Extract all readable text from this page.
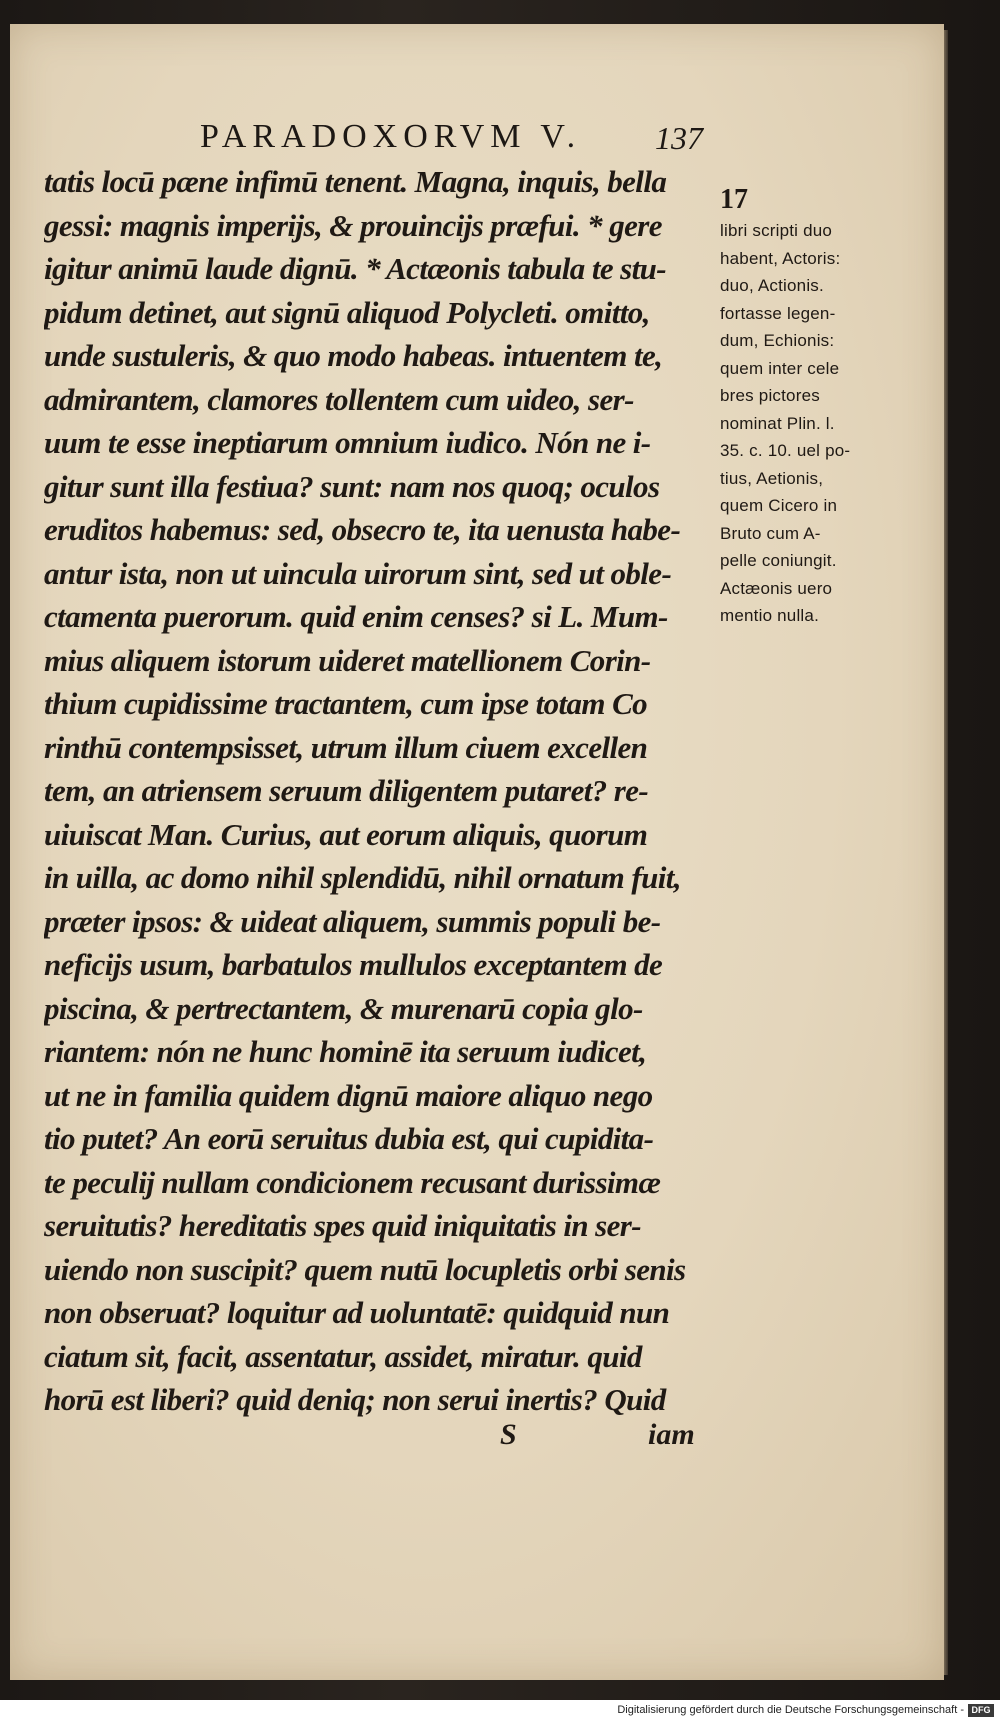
PARADOXORVM V.	137
tatis locū pæne infimū tenent. Magna, inquis, bella
gessi: magnis imperijs, & prouincijs præfui. * gere
igitur animū laude dignū. * Actæonis tabula te stu-
pidum detinet, aut signū aliquod Polycleti. omitto,
unde sustuleris, & quo modo habeas. intuentem te,
admirantem, clamores tollentem cum uideo, ser-
uum te esse ineptiarum omnium iudico. Nón ne i-
gitur sunt illa festiua? sunt: nam nos quoq; oculos
eruditos habemus: sed, obsecro te, ita uenusta habe-
antur ista, non ut uincula uirorum sint, sed ut oble-
ctamenta puerorum. quid enim censes? si L. Mum-
mius aliquem istorum uideret matellionem Corin-
thium cupidissime tractantem, cum ipse totam Co
rinthū contempsisset, utrum illum ciuem excellen
tem, an atriensem seruum diligentem putaret? re-
uiuiscat Man. Curius, aut eorum aliquis, quorum
in uilla, ac domo nihil splendidū, nihil ornatum fuit,
præter ipsos: & uideat aliquem, summis populi be-
neficijs usum, barbatulos mullulos exceptantem de
piscina, & pertrectantem, & murenarū copia glo-
riantem: nón ne hunc hominē ita seruum iudicet,
ut ne in familia quidem dignū maiore aliquo nego
tio putet? An eorū seruitus dubia est, qui cupidita-
te peculij nullam condicionem recusant durissimæ
seruitutis? hereditatis spes quid iniquitatis in ser-
uiendo non suscipit? quem nutū locupletis orbi senis
non obseruat? loquitur ad uoluntatē: quidquid nun
ciatum sit, facit, assentatur, assidet, miratur. quid
horū est liberi? quid deniq; non serui inertis? Quid
17
libri scripti duo
habent, Actoris:
duo, Actionis.
fortasse legen-
dum, Echionis:
quem inter cele
bres pictores
nominat Plin. l.
35. c. 10. uel po-
tius, Aetionis,
quem Cicero in
Bruto cum A-
pelle coniungit.
Actæonis uero
mentio nulla.
S	iam
Digitalisierung gefördert durch die Deutsche Forschungsgemeinschaft - DFG
